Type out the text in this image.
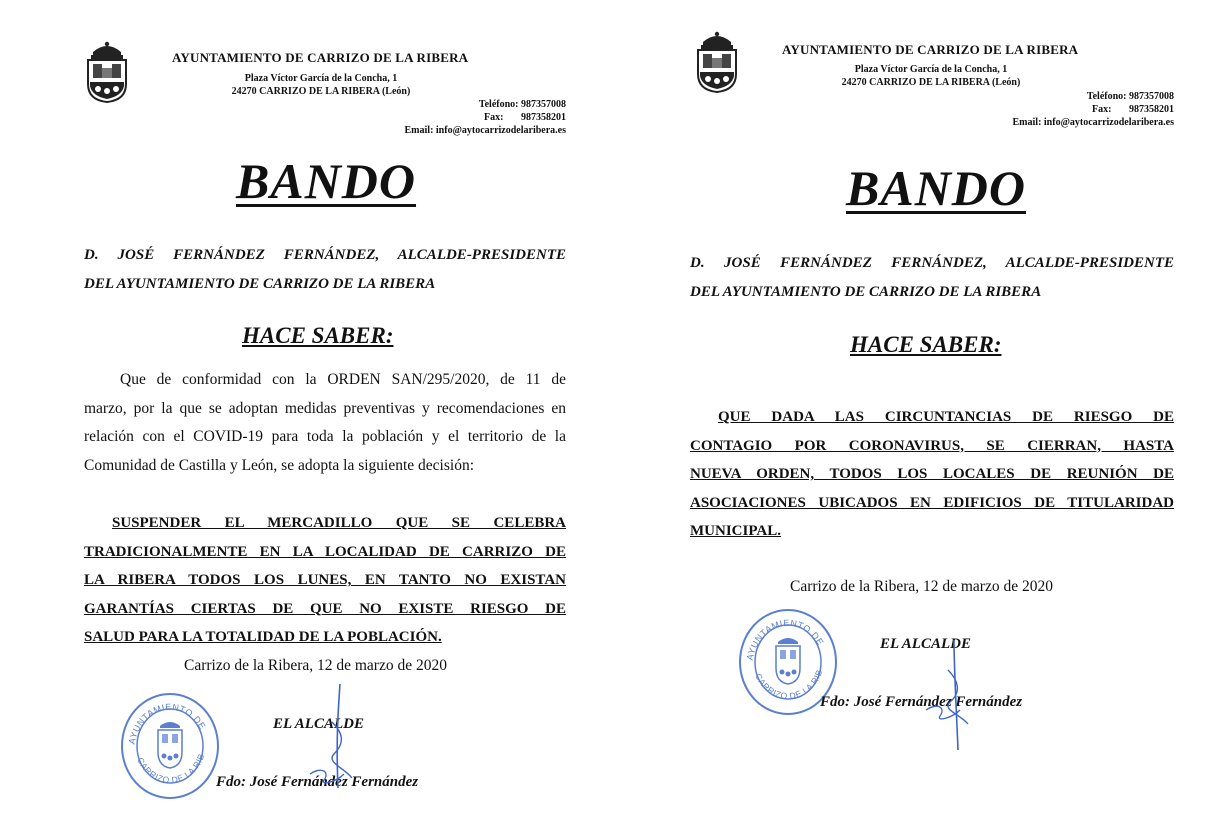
AYUNTAMIENTO DE CARRIZO DE LA RIBERA
Plaza Víctor García de la Concha, 1
24270 CARRIZO DE LA RIBERA (León)
Teléfono: 987357008
Fax: 987358201
Email: info@aytocarrizodelaribera.es
BANDO
D. JOSÉ FERNÁNDEZ FERNÁNDEZ, ALCALDE-PRESIDENTE
DEL AYUNTAMIENTO DE CARRIZO DE LA RIBERA
HACE SABER:
Que de conformidad con la ORDEN SAN/295/2020, de 11 de
marzo, por la que se adoptan medidas preventivas y recomendaciones en
relación con el COVID-19 para toda la población y el territorio de la
Comunidad de Castilla y León, se adopta la siguiente decisión:
SUSPENDER EL MERCADILLO QUE SE CELEBRA
TRADICIONALMENTE EN LA LOCALIDAD DE CARRIZO DE
LA RIBERA TODOS LOS LUNES, EN TANTO NO EXISTAN
GARANTÍAS CIERTAS DE QUE NO EXISTE RIESGO DE
SALUD PARA LA TOTALIDAD DE LA POBLACIÓN.
Carrizo de la Ribera, 12 de marzo de 2020
AYUNTAMIENTO DE
CARRIZO DE LA RIBERA (León)
EL ALCALDE
Fdo: José Fernández Fernández
AYUNTAMIENTO DE CARRIZO DE LA RIBERA
Plaza Víctor García de la Concha, 1
24270 CARRIZO DE LA RIBERA (León)
Teléfono: 987357008
Fax: 987358201
Email: info@aytocarrizodelaribera.es
BANDO
D. JOSÉ FERNÁNDEZ FERNÁNDEZ, ALCALDE-PRESIDENTE
DEL AYUNTAMIENTO DE CARRIZO DE LA RIBERA
HACE SABER:
QUE DADA LAS CIRCUNTANCIAS DE RIESGO DE
CONTAGIO POR CORONAVIRUS, SE CIERRAN, HASTA
NUEVA ORDEN, TODOS LOS LOCALES DE REUNIÓN DE
ASOCIACIONES UBICADOS EN EDIFICIOS DE TITULARIDAD
MUNICIPAL.
Carrizo de la Ribera, 12 de marzo de 2020
AYUNTAMIENTO DE
CARRIZO DE LA RIBERA (León)
EL ALCALDE
Fdo: José Fernández Fernández
